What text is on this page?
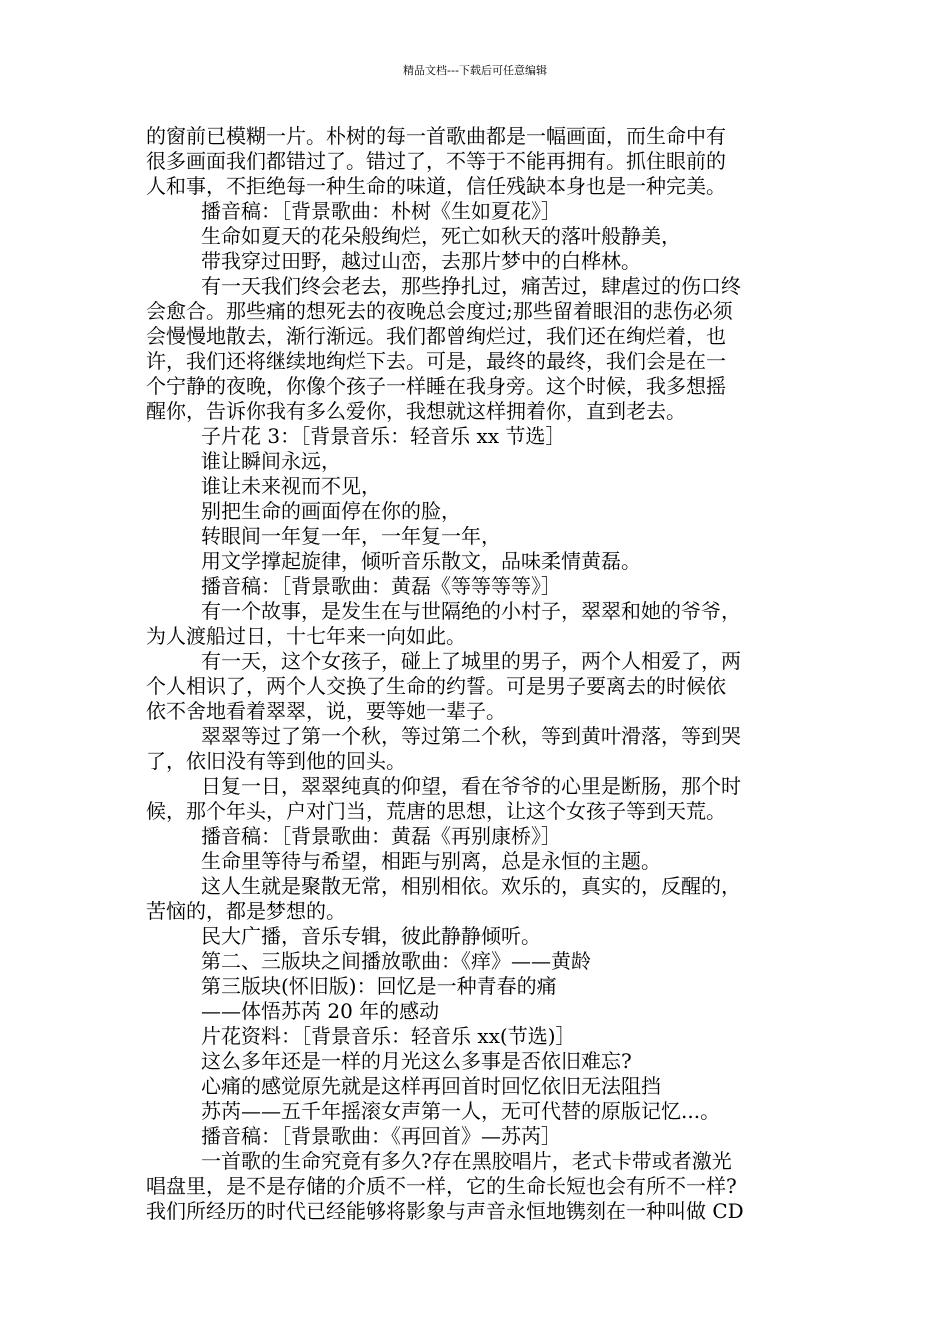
精品文档---下载后可任意编辑

的窗前已模糊一片。朴树的每一首歌曲都是一幅画面，而生命中有

很多画面我们都错过了。错过了，不等于不能再拥有。抓住眼前的

人和事，不拒绝每一种生命的味道，信任残缺本身也是一种完美。

播音稿：［背景歌曲：朴树《生如夏花》］

生命如夏天的花朵般绚烂，死亡如秋天的落叶般静美，

带我穿过田野，越过山峦，去那片梦中的白桦林。

有一天我们终会老去，那些挣扎过，痛苦过，肆虐过的伤口终

会愈合。那些痛的想死去的夜晚总会度过;那些留着眼泪的悲伤必须

会慢慢地散去，渐行渐远。我们都曾绚烂过，我们还在绚烂着，也

许，我们还将继续地绚烂下去。可是，最终的最终，我们会是在一

个宁静的夜晚，你像个孩子一样睡在我身旁。这个时候，我多想摇

醒你，告诉你我有多么爱你，我想就这样拥着你，直到老去。

子片花 3：［背景音乐：轻音乐 xx 节选］

谁让瞬间永远，

谁让未来视而不见，

别把生命的画面停在你的脸，

转眼间一年复一年，一年复一年，

用文学撑起旋律，倾听音乐散文，品味柔情黄磊。

播音稿：［背景歌曲：黄磊《等等等等》］

有一个故事，是发生在与世隔绝的小村子，翠翠和她的爷爷，

为人渡船过日，十七年来一向如此。

有一天，这个女孩子，碰上了城里的男子，两个人相爱了，两

个人相识了，两个人交换了生命的约誓。可是男子要离去的时候依

依不舍地看着翠翠，说，要等她一辈子。

翠翠等过了第一个秋，等过第二个秋，等到黄叶滑落，等到哭

了，依旧没有等到他的回头。

日复一日，翠翠纯真的仰望，看在爷爷的心里是断肠，那个时

候，那个年头，户对门当，荒唐的思想，让这个女孩子等到天荒。

播音稿：［背景歌曲：黄磊《再别康桥》］

生命里等待与希望，相距与别离，总是永恒的主题。

这人生就是聚散无常，相别相依。欢乐的，真实的，反醒的，

苦恼的，都是梦想的。

民大广播，音乐专辑，彼此静静倾听。

第二、三版块之间播放歌曲：《痒》——黄龄

第三版块(怀旧版)：回忆是一种青春的痛

——体悟苏芮 20 年的感动

片花资料：［背景音乐：轻音乐 xx(节选)］

这么多年还是一样的月光这么多事是否依旧难忘?

心痛的感觉原先就是这样再回首时回忆依旧无法阻挡

苏芮——五千年摇滚女声第一人，无可代替的原版记忆...。

播音稿：［背景歌曲：《再回首》—苏芮］

一首歌的生命究竟有多久?存在黑胶唱片，老式卡带或者激光

唱盘里，是不是存储的介质不一样，它的生命长短也会有所不一样?

我们所经历的时代已经能够将影象与声音永恒地镌刻在一种叫做 CD
